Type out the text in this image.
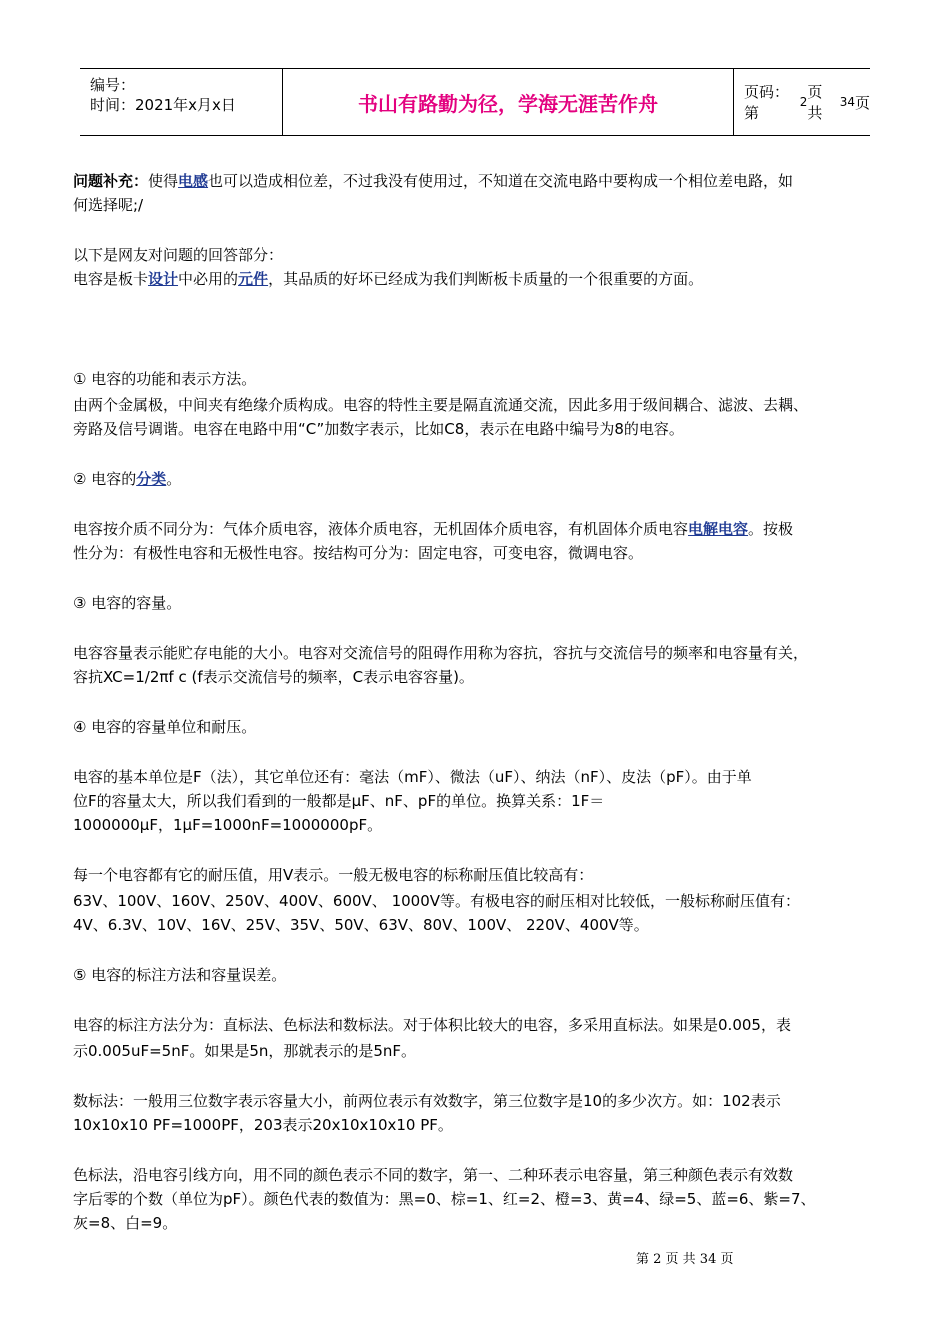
编号：
时间：2021年x月x日	书山有路勤为径，学海无涯苦作舟	页码：第
2
页 共
34 页
问题补充：使得电感也可以造成相位差，不过我没有使用过，不知道在交流电路中要构成一个相位差电路，如
何选择呢;/
以下是网友对问题的回答部分：
电容是板卡设计中必用的元件，其品质的好坏已经成为我们判断板卡质量的一个很重要的方面。
① 电容的功能和表示方法。
由两个金属极，中间夹有绝缘介质构成。电容的特性主要是隔直流通交流，因此多用于级间耦合、滤波、去耦、
旁路及信号调谐。电容在电路中用“C”加数字表示，比如C8，表示在电路中编号为8的电容。
② 电容的分类。
电容按介质不同分为：气体介质电容，液体介质电容，无机固体介质电容，有机固体介质电容电解电容。按极
性分为：有极性电容和无极性电容。按结构可分为：固定电容，可变电容，微调电容。
③ 电容的容量。
电容容量表示能贮存电能的大小。电容对交流信号的阻碍作用称为容抗，容抗与交流信号的频率和电容量有关，
容抗XC=1/2πf c (f表示交流信号的频率，C表示电容容量)。
④ 电容的容量单位和耐压。
电容的基本单位是F（法），其它单位还有：毫法（mF）、微法（uF）、纳法（nF）、皮法（pF）。由于单
位F的容量太大，所以我们看到的一般都是μF、nF、pF的单位。换算关系：1F＝
1000000μF，1μF=1000nF=1000000pF。
每一个电容都有它的耐压值，用V表示。一般无极电容的标称耐压值比较高有：
63V、100V、160V、250V、400V、600V、 1000V等。有极电容的耐压相对比较低，一般标称耐压值有：
4V、6.3V、10V、16V、25V、35V、50V、63V、80V、100V、 220V、400V等。
⑤ 电容的标注方法和容量误差。
电容的标注方法分为：直标法、色标法和数标法。对于体积比较大的电容，多采用直标法。如果是0.005，表
示0.005uF=5nF。如果是5n，那就表示的是5nF。
数标法：一般用三位数字表示容量大小，前两位表示有效数字，第三位数字是10的多少次方。如：102表示
10x10x10 PF=1000PF，203表示20x10x10x10 PF。
色标法，沿电容引线方向，用不同的颜色表示不同的数字，第一、二种环表示电容量，第三种颜色表示有效数
字后零的个数（单位为pF）。颜色代表的数值为：黑=0、棕=1、红=2、橙=3、黄=4、绿=5、蓝=6、紫=7、
灰=8、白=9。
第 2 页 共 34 页
